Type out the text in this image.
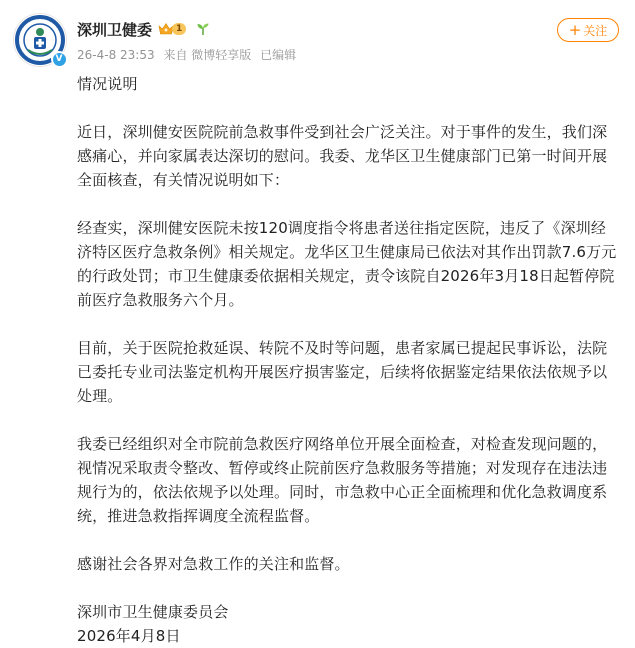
V
深圳卫健委	1
26-4-8 23:53 来自 微博轻享版 已编辑
+ 关注

情况说明

近日，深圳健安医院院前急救事件受到社会广泛关注。对于事件的发生，我们深感痛心，并向家属表达深切的慰问。我委、龙华区卫生健康部门已第一时间开展全面核查，有关情况说明如下：

经查实，深圳健安医院未按120调度指令将患者送往指定医院，违反了《深圳经济特区医疗急救条例》相关规定。龙华区卫生健康局已依法对其作出罚款7.6万元的行政处罚；市卫生健康委依据相关规定，责令该院自2026年3月18日起暂停院前医疗急救服务六个月。

目前，关于医院抢救延误、转院不及时等问题，患者家属已提起民事诉讼，法院已委托专业司法鉴定机构开展医疗损害鉴定，后续将依据鉴定结果依法依规予以处理。

我委已经组织对全市院前急救医疗网络单位开展全面检查，对检查发现问题的，视情况采取责令整改、暂停或终止院前医疗急救服务等措施；对发现存在违法违规行为的，依法依规予以处理。同时，市急救中心正全面梳理和优化急救调度系统，推进急救指挥调度全流程监督。

感谢社会各界对急救工作的关注和监督。

深圳市卫生健康委员会

2026年4月8日
